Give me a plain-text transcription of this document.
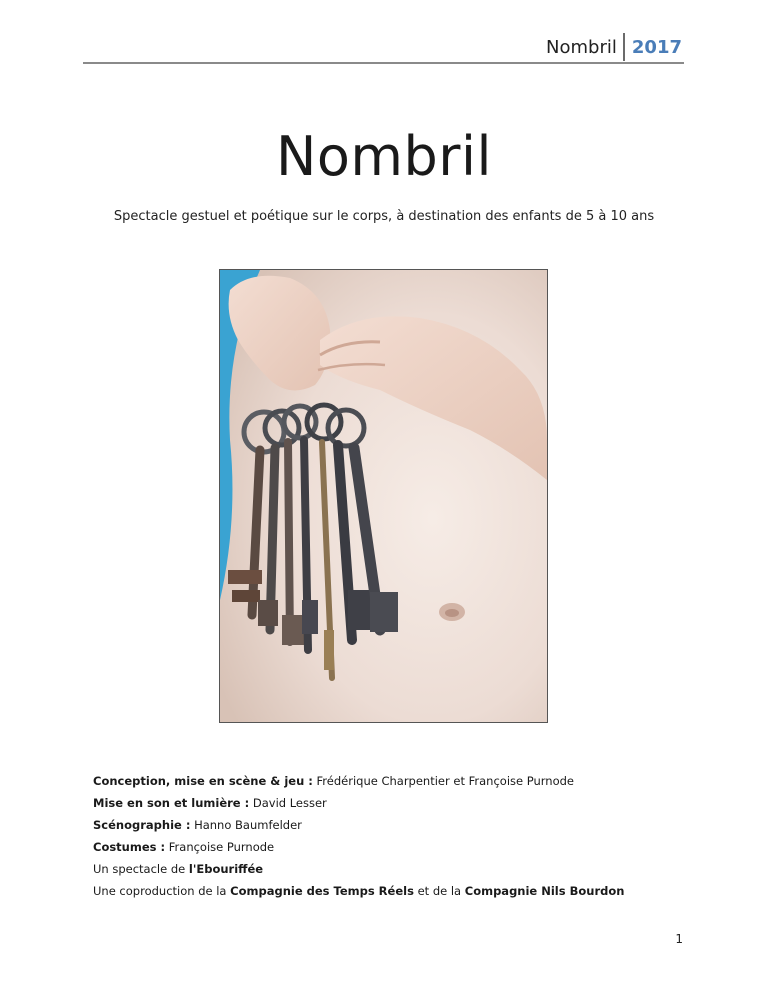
Nombril 2017
Nombril

Spectacle gestuel et poétique sur le corps, à destination des enfants de 5 à 10 ans

Conception, mise en scène & jeu : Frédérique Charpentier et Françoise Purnode
Mise en son et lumière : David Lesser
Scénographie : Hanno Baumfelder
Costumes : Françoise Purnode
Un spectacle de l'Ebouriffée
Une coproduction de la Compagnie des Temps Réels et de la Compagnie Nils Bourdon
1
